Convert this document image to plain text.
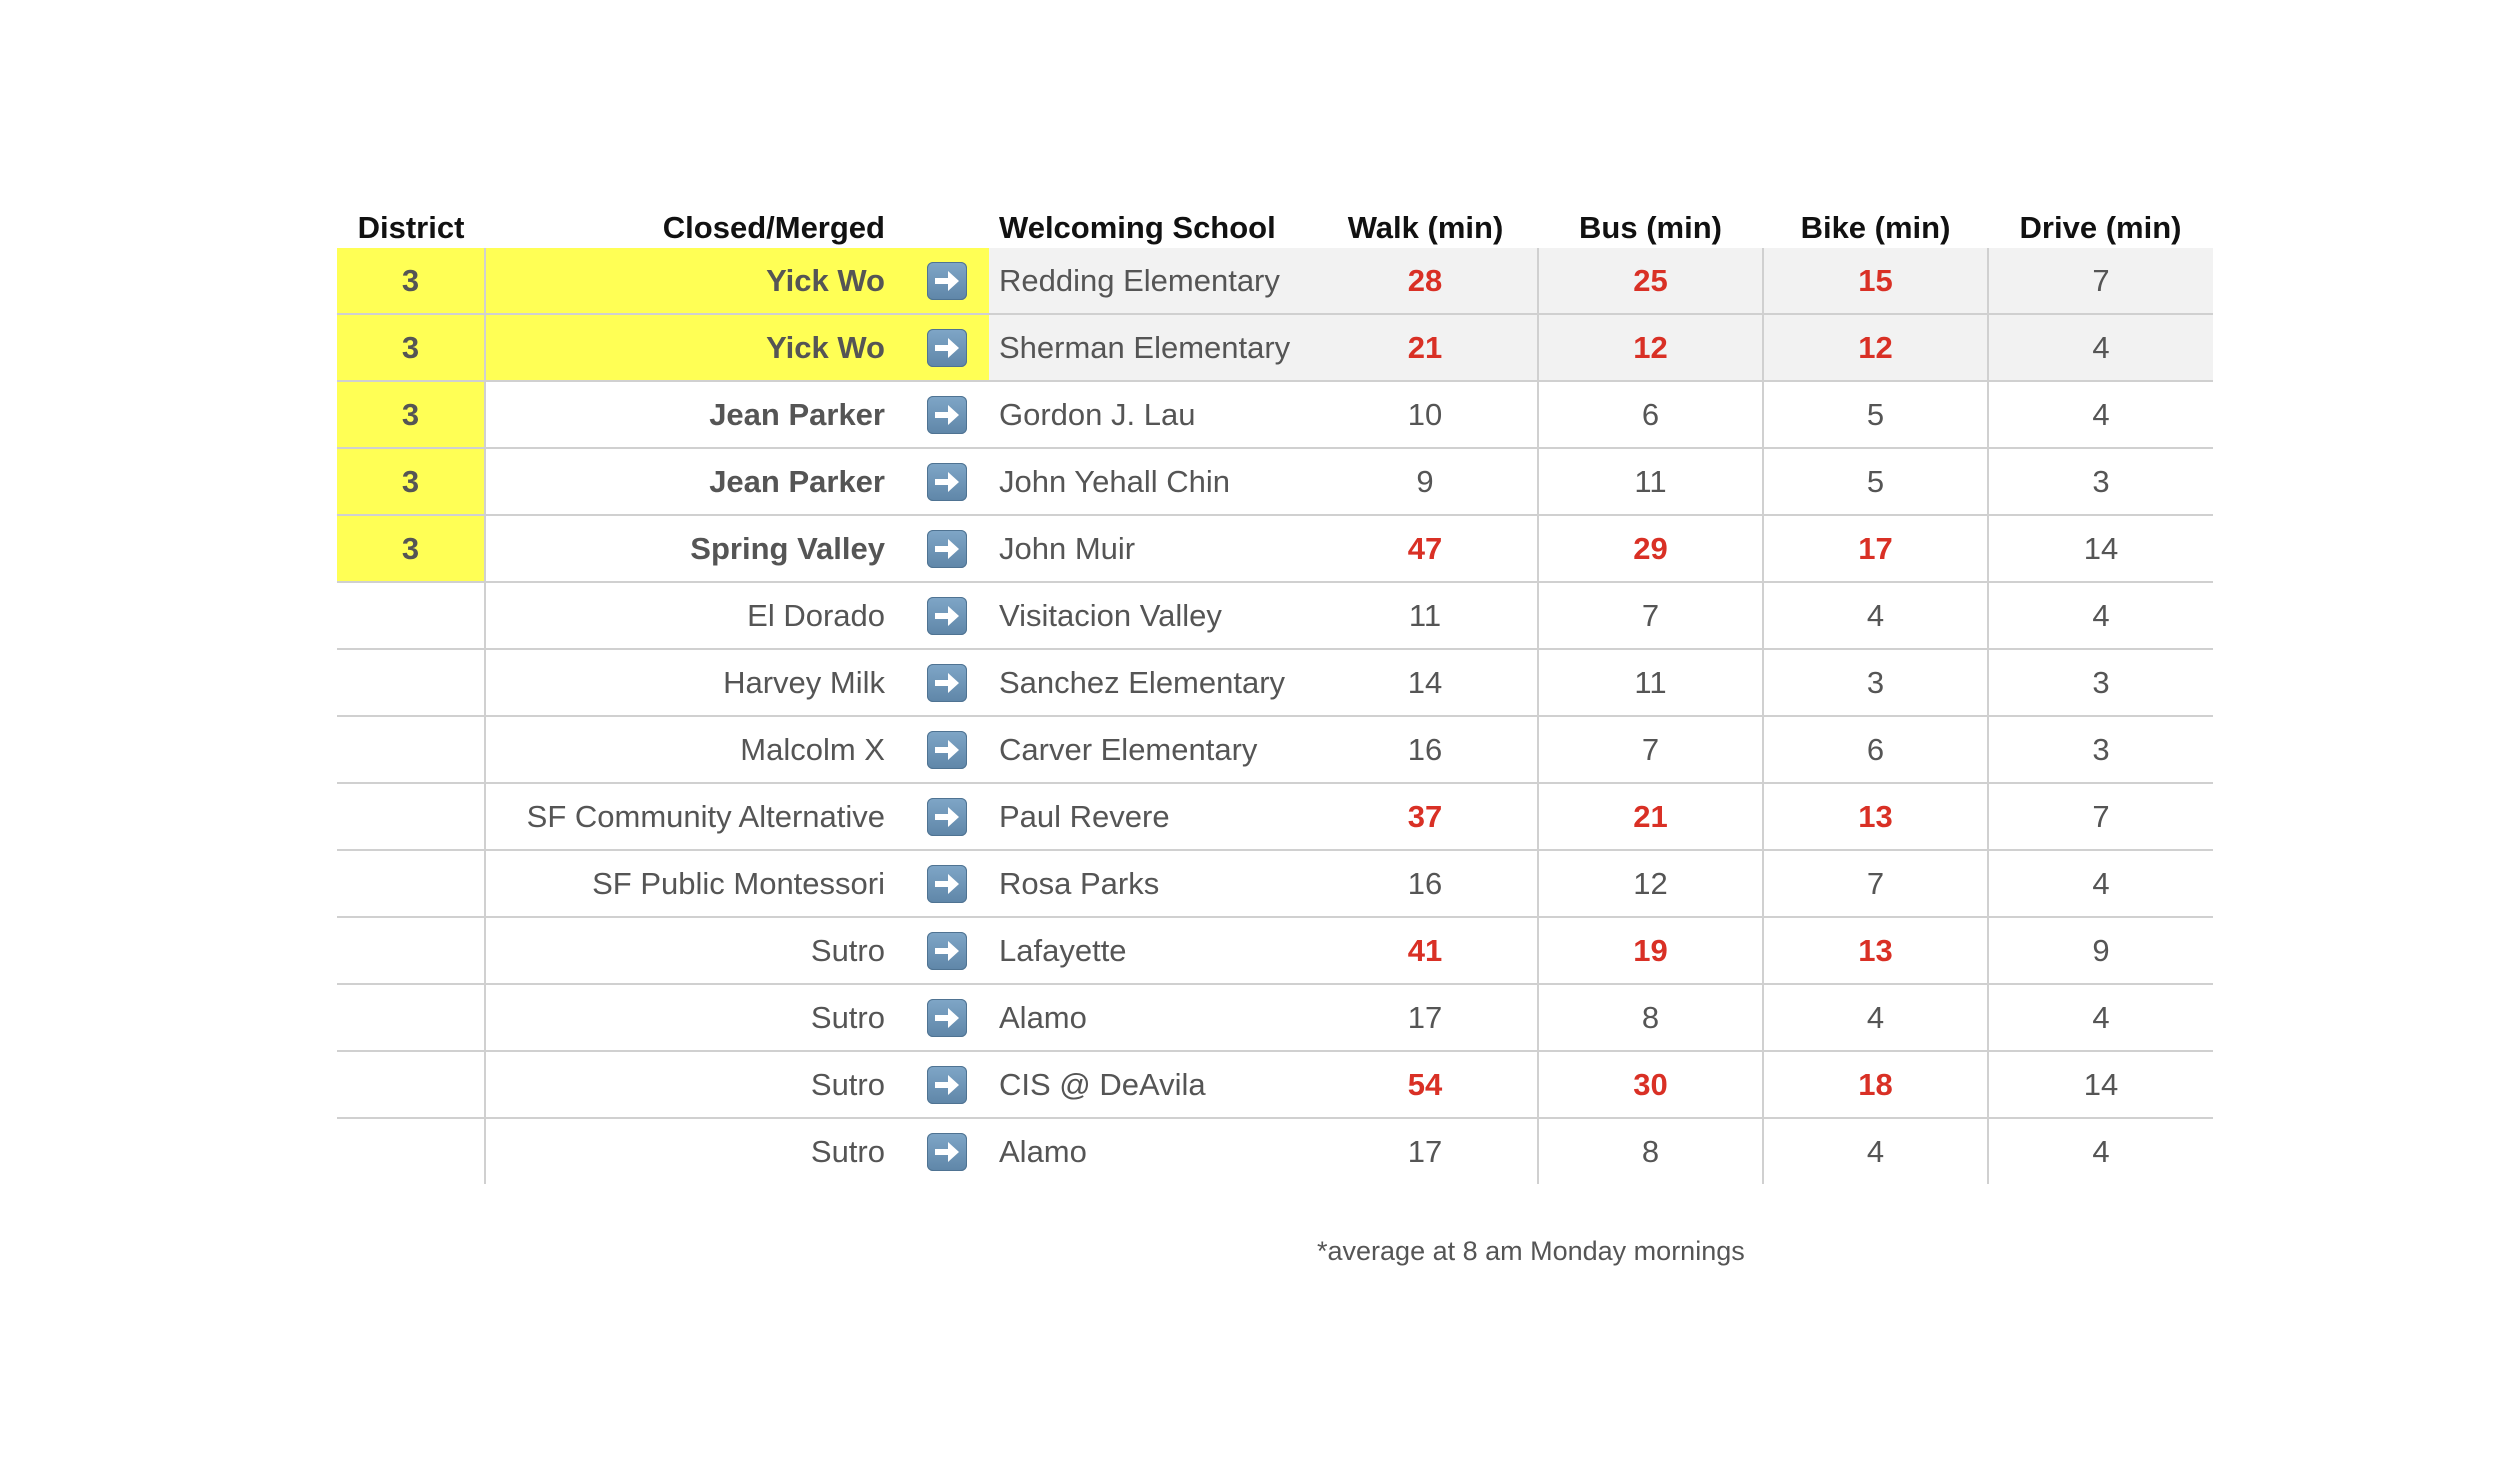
District	Closed/Merged		Welcoming School	Walk (min)	Bus (min)	Bike (min)	Drive (min)
3	Yick Wo		Redding Elementary	28	25	15	7
3	Yick Wo		Sherman Elementary	21	12	12	4
3	Jean Parker		Gordon J. Lau	10	6	5	4
3	Jean Parker		John Yehall Chin	9	11	5	3
3	Spring Valley		John Muir	47	29	17	14
	El Dorado		Visitacion Valley	11	7	4	4
	Harvey Milk		Sanchez Elementary	14	11	3	3
	Malcolm X		Carver Elementary	16	7	6	3
	SF Community Alternative		Paul Revere	37	21	13	7
	SF Public Montessori		Rosa Parks	16	12	7	4
	Sutro		Lafayette	41	19	13	9
	Sutro		Alamo	17	8	4	4
	Sutro		CIS @ DeAvila	54	30	18	14
	Sutro		Alamo	17	8	4	4
*average at 8 am Monday mornings
